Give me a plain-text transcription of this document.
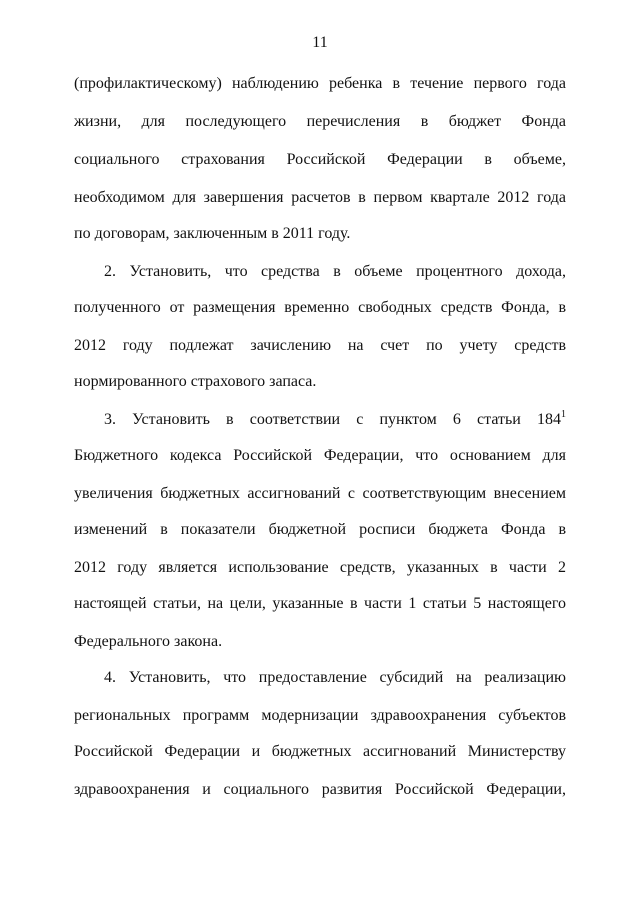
11
(профилактическому) наблюдению ребенка в течение первого года
жизни, для последующего перечисления в бюджет Фонда
социального страхования Российской Федерации в объеме,
необходимом для завершения расчетов в первом квартале 2012 года
по договорам, заключенным в 2011 году.
2. Установить, что средства в объеме процентного дохода,
полученного от размещения временно свободных средств Фонда, в
2012 году подлежат зачислению на счет по учету средств
нормированного страхового запаса.
3. Установить в соответствии с пунктом 6 статьи $184^1$
Бюджетного кодекса Российской Федерации, что основанием для
увеличения бюджетных ассигнований с соответствующим внесением
изменений в показатели бюджетной росписи бюджета Фонда в
2012 году является использование средств, указанных в части 2
настоящей статьи, на цели, указанные в части 1 статьи 5 настоящего
Федерального закона.
4. Установить, что предоставление субсидий на реализацию
региональных программ модернизации здравоохранения субъектов
Российской Федерации и бюджетных ассигнований Министерству
здравоохранения и социального развития Российской Федерации,
